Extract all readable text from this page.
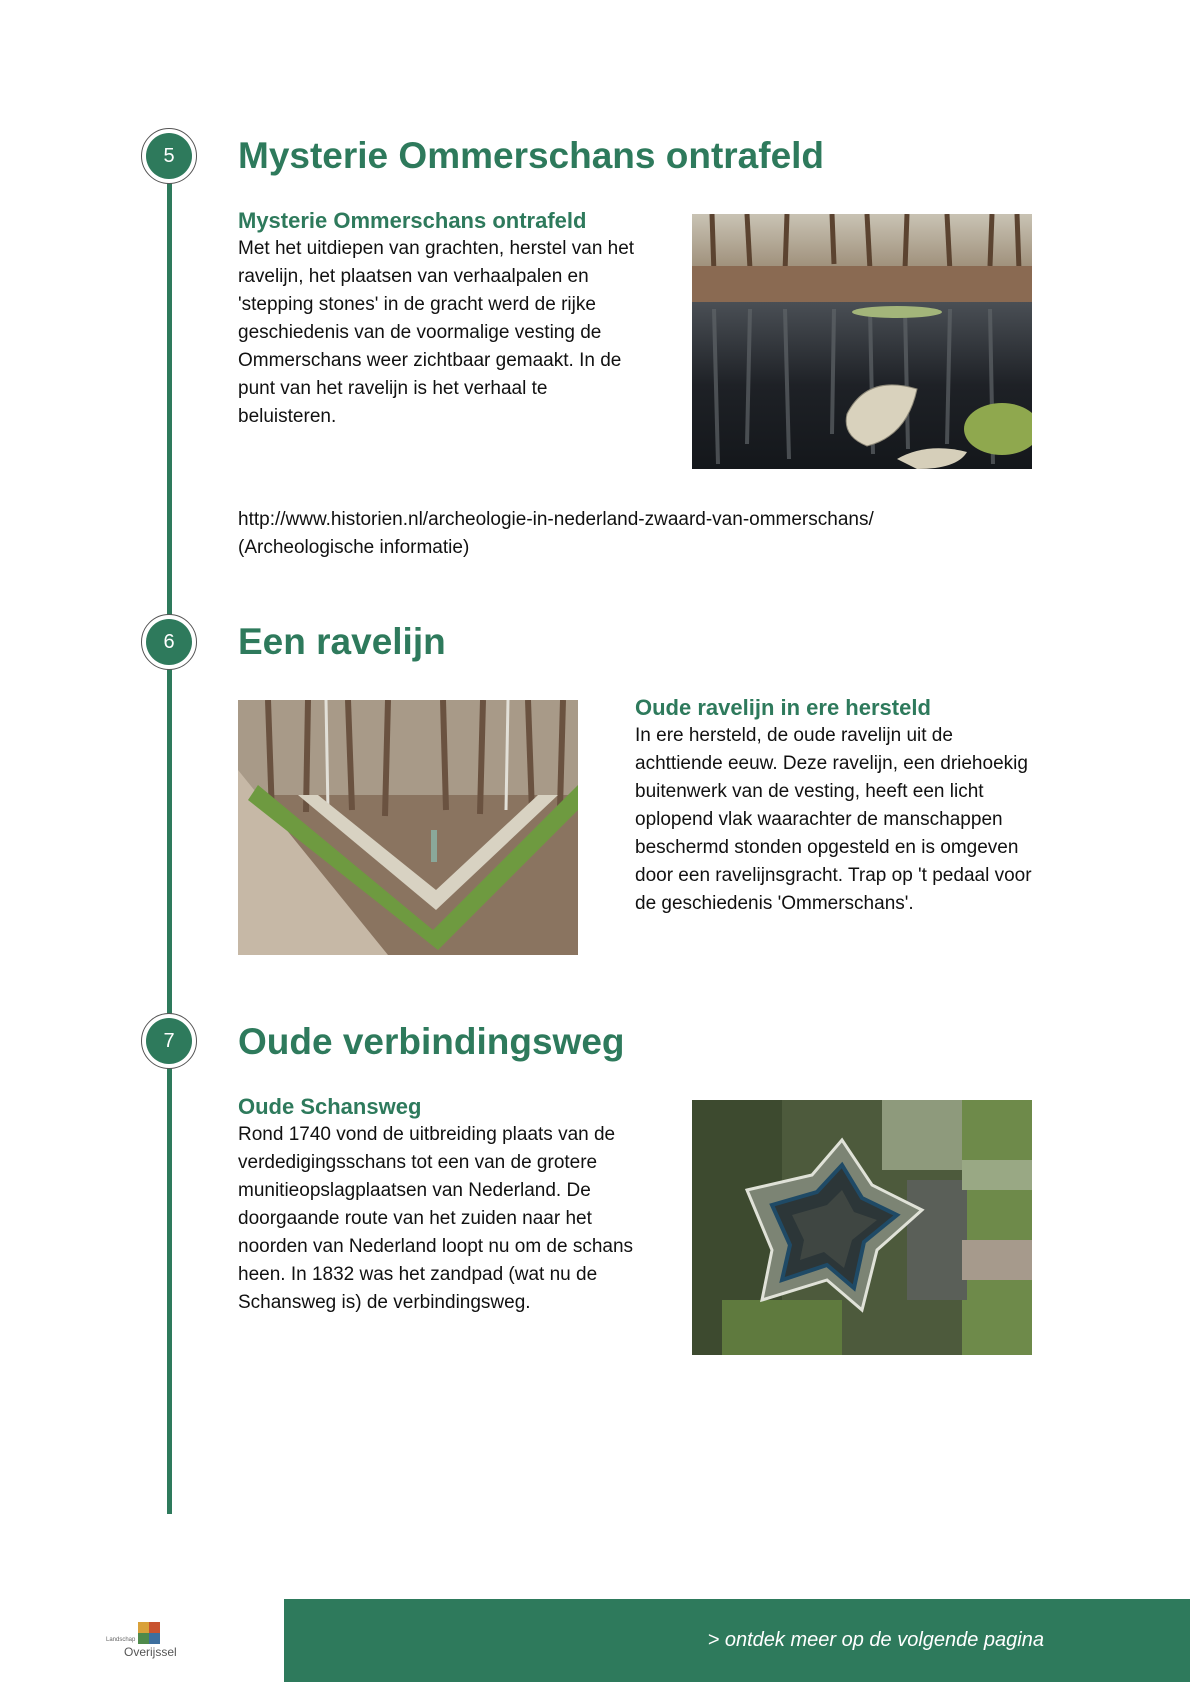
5	Mysterie Ommerschans ontrafeld

Mysterie Ommerschans ontrafeld

Met het uitdiepen van grachten, herstel van het ravelijn, het plaatsen van verhaalpalen en 'stepping stones' in de gracht werd de rijke geschiedenis van de voormalige vesting de Ommerschans weer zichtbaar gemaakt. In de punt van het ravelijn is het verhaal te beluisteren.

http://www.historien.nl/archeologie-in-nederland-zwaard-van-ommerschans/
(Archeologische informatie)

6	Een ravelijn

Oude ravelijn in ere hersteld

In ere hersteld, de oude ravelijn uit de achttiende eeuw. Deze ravelijn, een driehoekig buitenwerk van de vesting, heeft een licht oplopend vlak waarachter de manschappen beschermd stonden opgesteld en is omgeven door een ravelijnsgracht. Trap op 't pedaal voor de geschiedenis 'Ommerschans'.

7	Oude verbindingsweg

Oude Schansweg

Rond 1740 vond de uitbreiding plaats van de verdedigingsschans tot een van de grotere munitieopslagplaatsen van Nederland. De doorgaande route van het zuiden naar het noorden van Nederland loopt nu om de schans heen. In 1832 was het zandpad (wat nu de Schansweg is) de verbindingsweg.

Landschap
Overijssel
> ontdek meer op de volgende pagina
